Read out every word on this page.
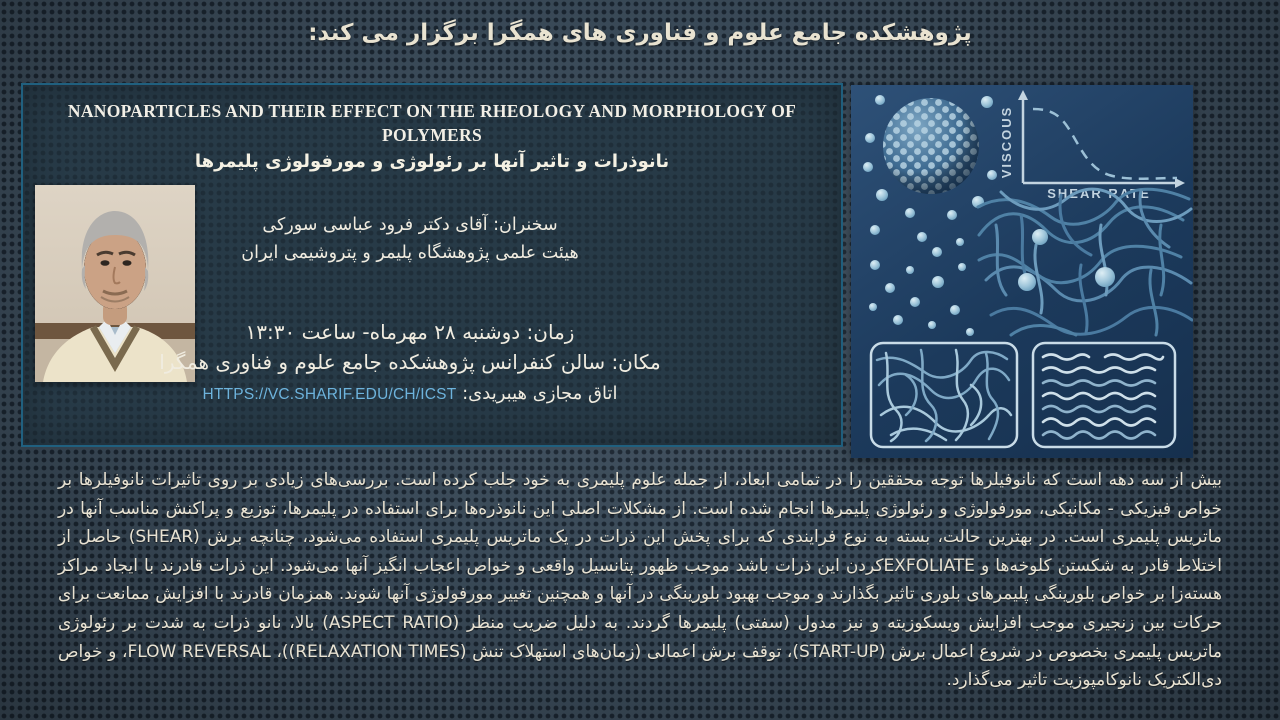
پژوهشکده جامع علوم و فناوری های همگرا برگزار می کند:
NANOPARTICLES AND THEIR EFFECT ON THE RHEOLOGY AND MORPHOLOGY OF
POLYMERS
نانوذرات و تاثیر آنها بر رئولوژی و مورفولوژی پلیمرها
سخنران: آقای دکتر فرود عباسی سورکی
هیئت علمی پژوهشگاه پلیمر و پتروشیمی ایران
زمان: دوشنبه ۲۸ مهرماه- ساعت ۱۳:۳۰
مکان: سالن کنفرانس پژوهشکده جامع علوم و فناوری همگرا
اتاق مجازی هیبریدی: HTTPS://VC.SHARIF.EDU/CH/ICST
VISCOUS
SHEAR RATE
بیش از سه دهه است که نانوفیلرها توجه محققین را در تمامی ابعاد، از جمله علوم پلیمری به خود جلب کرده است. بررسی‌های زیادی بر روی تاثیرات نانوفیلرها بر خواص فیزیکی - مکانیکی، مورفولوژی و رئولوژی پلیمرها انجام شده است. از مشکلات اصلی این نانوذره‌ها برای استفاده در پلیمرها، توزیع و پراکنش مناسب آنها در ماتریس پلیمری است. در بهترین حالت، بسته به نوع فرایندی که برای پخش این ذرات در یک ماتریس پلیمری استفاده می‌شود، چنانچه برش (SHEAR) حاصل از اختلاط قادر به شکستن کلوخه‌ها و EXFOLIATEکردن این ذرات باشد موجب ظهور پتانسیل واقعی و خواص اعجاب انگیز آنها می‌شود. این ذرات قادرند با ایجاد مراکز هسته‌زا بر خواص بلورینگی پلیمرهای بلوری تاثیر بگذارند و موجب بهبود بلورینگی در آنها و همچنین تغییر مورفولوژی آنها شوند. همزمان قادرند با افزایش ممانعت برای حرکات بین زنجیری موجب افزایش ویسکوزیته و نیز مدول (سفتی) پلیمرها گردند. به دلیل ضریب منظر (ASPECT RATIO) بالا، نانو ذرات به شدت بر رئولوژی ماتریس پلیمری بخصوص در شروع اعمال برش (START-UP)، توقف برش اعمالی (زمان‌های استهلاک تنش (RELAXATION TIMES))، FLOW REVERSAL، و خواص دی‌الکتریک نانوکامپوزیت تاثیر می‌گذارد.
